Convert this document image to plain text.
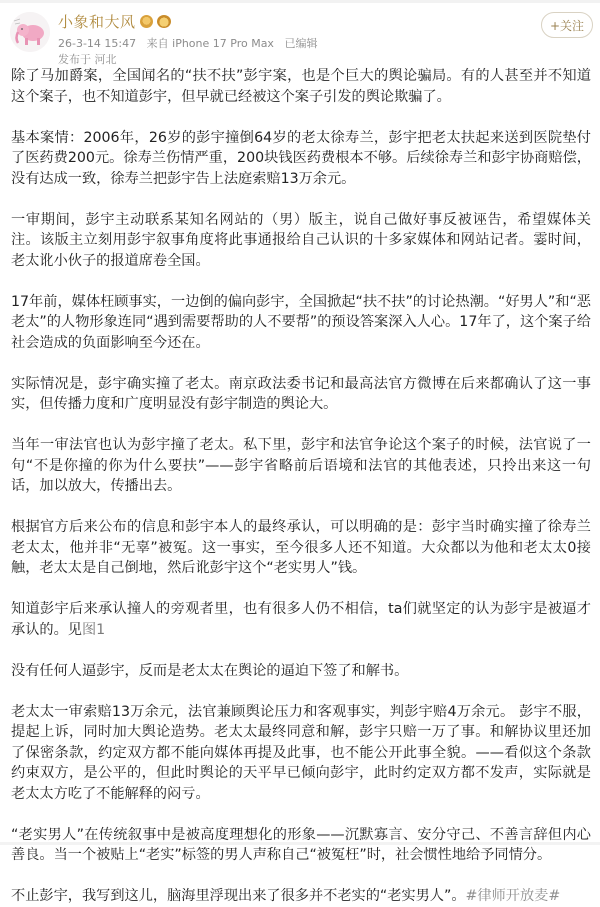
小象和大风
26-3-14 15:47 来自 iPhone 17 Pro Max 已编辑
发布于 河北
+关注

除了马加爵案，全国闻名的“扶不扶”彭宇案，也是个巨大的舆论骗局。有的人甚至并不知道这个案子，也不知道彭宇，但早就已经被这个案子引发的舆论欺骗了。

基本案情：2006年，26岁的彭宇撞倒64岁的老太徐寿兰，彭宇把老太扶起来送到医院垫付了医药费200元。徐寿兰伤情严重，200块钱医药费根本不够。后续徐寿兰和彭宇协商赔偿，没有达成一致，徐寿兰把彭宇告上法庭索赔13万余元。

一审期间，彭宇主动联系某知名网站的（男）版主，说自己做好事反被诬告，希望媒体关注。该版主立刻用彭宇叙事角度将此事通报给自己认识的十多家媒体和网站记者。霎时间，老太讹小伙子的报道席卷全国。

17年前，媒体枉顾事实，一边倒的偏向彭宇，全国掀起“扶不扶”的讨论热潮。“好男人”和“恶老太”的人物形象连同“遇到需要帮助的人不要帮”的预设答案深入人心。17年了，这个案子给社会造成的负面影响至今还在。

实际情况是，彭宇确实撞了老太。南京政法委书记和最高法官方微博在后来都确认了这一事实，但传播力度和广度明显没有彭宇制造的舆论大。

当年一审法官也认为彭宇撞了老太。私下里，彭宇和法官争论这个案子的时候，法官说了一句“不是你撞的你为什么要扶”——彭宇省略前后语境和法官的其他表述，只拎出来这一句话，加以放大，传播出去。

根据官方后来公布的信息和彭宇本人的最终承认，可以明确的是：彭宇当时确实撞了徐寿兰老太太，他并非“无辜”被冤。这一事实，至今很多人还不知道。大众都以为他和老太太0接触，老太太是自己倒地，然后讹彭宇这个“老实男人”钱。

知道彭宇后来承认撞人的旁观者里，也有很多人仍不相信，ta们就坚定的认为彭宇是被逼才承认的。见图1

没有任何人逼彭宇，反而是老太太在舆论的逼迫下签了和解书。

老太太一审索赔13万余元，法官兼顾舆论压力和客观事实，判彭宇赔4万余元。 彭宇不服，提起上诉，同时加大舆论造势。老太太最终同意和解，彭宇只赔一万了事。和解协议里还加了保密条款，约定双方都不能向媒体再提及此事，也不能公开此事全貌。——看似这个条款约束双方，是公平的，但此时舆论的天平早已倾向彭宇，此时约定双方都不发声，实际就是老太太方吃了不能解释的闷亏。

“老实男人”在传统叙事中是被高度理想化的形象——沉默寡言、安分守己、不善言辞但内心善良。当一个被贴上“老实”标签的男人声称自己“被冤枉”时，社会惯性地给予同情分。

不止彭宇，我写到这儿，脑海里浮现出来了很多并不老实的“老实男人”。#律师开放麦#
